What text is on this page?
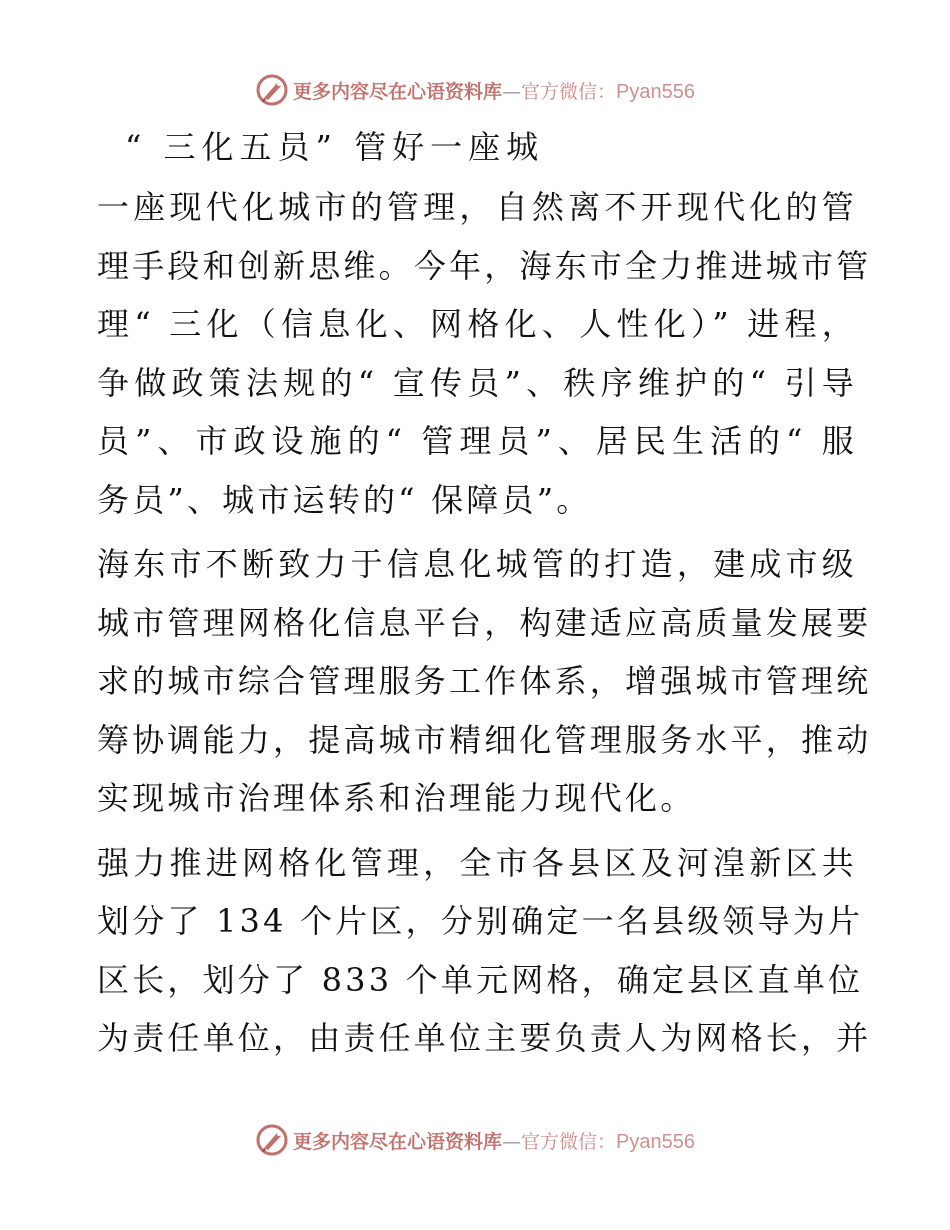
更多内容尽在心语资料库—官方微信：Pyan556
“ 三化五员” 管好一座城
一座现代化城市的管理，自然离不开现代化的管
理手段和创新思维。今年，海东市全力推进城市管
理“ 三化（信息化、网格化、人性化）” 进程，
争做政策法规的“ 宣传员”、秩序维护的“ 引导
员”、市政设施的“ 管理员”、居民生活的“ 服
务员”、城市运转的“ 保障员”。
海东市不断致力于信息化城管的打造，建成市级
城市管理网格化信息平台，构建适应高质量发展要
求的城市综合管理服务工作体系，增强城市管理统
筹协调能力，提高城市精细化管理服务水平，推动
实现城市治理体系和治理能力现代化。
强力推进网格化管理，全市各县区及河湟新区共
划分了 134 个片区，分别确定一名县级领导为片
区长，划分了 833 个单元网格，确定县区直单位
为责任单位，由责任单位主要负责人为网格长，并
更多内容尽在心语资料库—官方微信：Pyan556
